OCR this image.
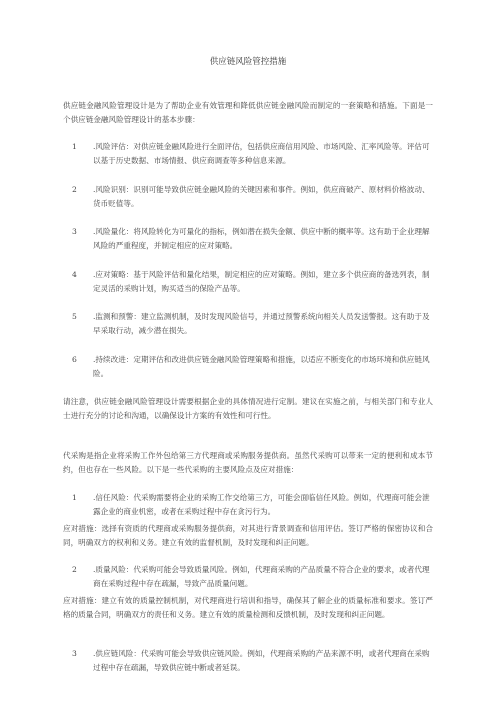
供应链风险管控措施

供应链金融风险管理设计是为了帮助企业有效管理和降低供应链金融风险而制定的一套策略和措施。下面是一个供应链金融风险管理设计的基本步骤：

1	.风险评估：对供应链金融风险进行全面评估，包括供应商信用风险、市场风险、汇率风险等。评估可以基于历史数据、市场情报、供应商调查等多种信息来源。
2	.风险识别：识别可能导致供应链金融风险的关键因素和事件。例如，供应商破产、原材料价格波动、货币贬值等。
3	.风险量化：将风险转化为可量化的指标，例如潜在损失金额、供应中断的概率等。这有助于企业理解风险的严重程度，并制定相应的应对策略。
4	.应对策略：基于风险评估和量化结果，制定相应的应对策略。例如，建立多个供应商的备选列表，制定灵活的采购计划，购买适当的保险产品等。
5	.监测和预警：建立监测机制，及时发现风险信号，并通过预警系统向相关人员发送警报。这有助于及早采取行动，减少潜在损失。
6	.持续改进：定期评估和改进供应链金融风险管理策略和措施，以适应不断变化的市场环境和供应链风险。

请注意，供应链金融风险管理设计需要根据企业的具体情况进行定制。建议在实施之前，与相关部门和专业人士进行充分的讨论和沟通，以确保设计方案的有效性和可行性。

代采购是指企业将采购工作外包给第三方代理商或采购服务提供商。虽然代采购可以带来一定的便利和成本节约，但也存在一些风险。以下是一些代采购的主要风险点及应对措施：

1	.信任风险：代采购需要将企业的采购工作交给第三方，可能会面临信任风险。例如，代理商可能会泄露企业的商业机密，或者在采购过程中存在贪污行为。

应对措施：选择有资质的代理商或采购服务提供商，对其进行背景调查和信用评估。签订严格的保密协议和合同，明确双方的权利和义务。建立有效的监督机制，及时发现和纠正问题。

2	.质量风险：代采购可能会导致质量风险。例如，代理商采购的产品质量不符合企业的要求，或者代理商在采购过程中存在疏漏，导致产品质量问题。

应对措施：建立有效的质量控制机制，对代理商进行培训和指导，确保其了解企业的质量标准和要求。签订严格的质量合同，明确双方的责任和义务。建立有效的质量检测和反馈机制，及时发现和纠正问题。

3	.供应链风险：代采购可能会导致供应链风险。例如，代理商采购的产品来源不明，或者代理商在采购过程中存在疏漏，导致供应链中断或者延误。
